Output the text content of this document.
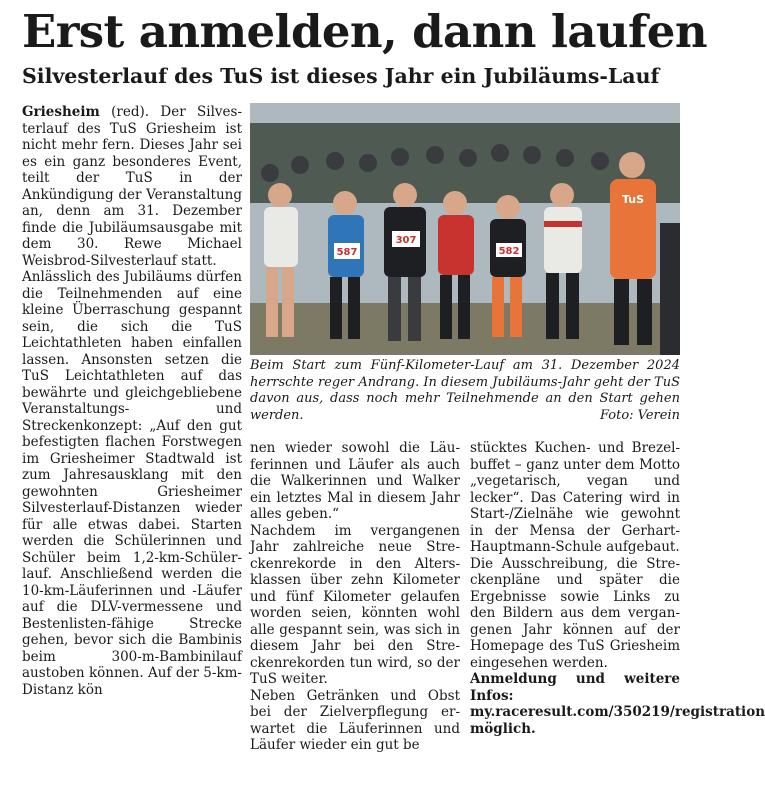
Erst anmelden, dann laufen
Silvesterlauf des TuS ist dieses Jahr ein Jubiläums-Lauf

Griesheim (red). Der Silvesterlauf des TuS Griesheim ist nicht mehr fern. Dieses Jahr sei es ein ganz besonderes Event, teilt der TuS in der Ankündigung der Veranstaltung an, denn am 31. Dezember finde die Jubiläumsausgabe mit dem 30. Rewe Michael Weisbrod-Silvesterlauf statt.

Anlässlich des Jubiläums dürfen die Teilnehmenden auf eine kleine Überraschung gespannt sein, die sich die TuS Leichtathleten haben einfallen lassen. Ansonsten setzen die TuS Leichtathleten auf das bewährte und gleichgebliebene Veranstaltungs- und Streckenkonzept: „Auf den gut befestigten flachen Forstwegen im Griesheimer Stadtwald ist zum Jahresausklang mit den gewohnten Griesheimer Silvesterlauf-Distanzen wieder für alle etwas dabei. Starten werden die Schülerinnen und Schüler beim 1,2-km-Schülerlauf. Anschließend werden die 10-km-Läuferinnen und -Läufer auf die DLV-vermessene und Bestenlisten-fähige Strecke gehen, bevor sich die Bambinis beim 300-m-Bambinilauf austoben können. Auf der 5-km-Distanz kön

587
307
582
TuS
Beim Start zum Fünf-Kilometer-Lauf am 31. Dezember 2024 herrschte reger Andrang. In diesem Jubiläums-Jahr geht der TuS davon aus, dass noch mehr Teilnehmende an den Start gehen werden.	Foto: Verein

nen wieder sowohl die Läuferinnen und Läufer als auch die Walkerinnen und Walker ein letztes Mal in diesem Jahr alles geben.“

Nachdem im vergangenen Jahr zahlreiche neue Streckenrekorde in den Altersklassen über zehn Kilometer und fünf Kilometer gelaufen worden seien, könnten wohl alle gespannt sein, was sich in diesem Jahr bei den Streckenrekorden tun wird, so der TuS weiter.

Neben Getränken und Obst bei der Zielverpflegung erwartet die Läuferinnen und Läufer wieder ein gut be

stücktes Kuchen- und Brezelbuffet – ganz unter dem Motto „vegetarisch, vegan und lecker“. Das Catering wird in Start-/Zielnähe wie gewohnt in der Mensa der Gerhart-Hauptmann-Schule aufgebaut.

Die Ausschreibung, die Streckenpläne und später die Ergebnisse sowie Links zu den Bildern aus dem vergangenen Jahr können auf der Homepage des TuS Griesheim eingesehen werden.

Anmeldung und weitere Infos: my.raceresult.com/350219/registration möglich.
